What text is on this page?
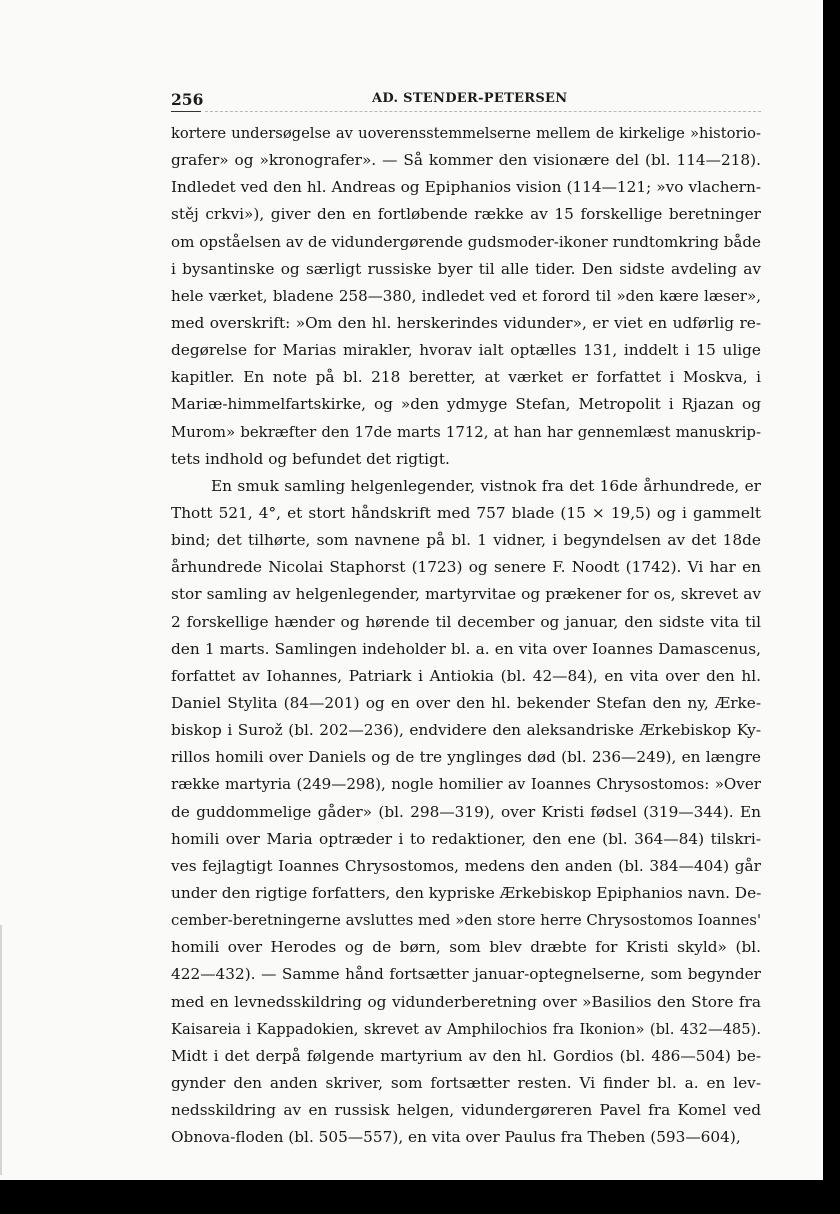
256	AD. STENDER-PETERSEN
kortere undersøgelse av uoverensstemmelserne mellem de kirkelige »historio-
grafer» og »kronografer». — Så kommer den visionære del (bl. 114—218).
Indledet ved den hl. Andreas og Epiphanios vision (114—121; »vo vlachern-
stěj crkvi»), giver den en fortløbende række av 15 forskellige beretninger
om opståelsen av de vidundergørende gudsmoder-ikoner rundtomkring både
i bysantinske og særligt russiske byer til alle tider. Den sidste avdeling av
hele værket, bladene 258—380, indledet ved et forord til »den kære læser»,
med overskrift: »Om den hl. herskerindes vidunder», er viet en udførlig re-
degørelse for Marias mirakler, hvorav ialt optælles 131, inddelt i 15 ulige
kapitler. En note på bl. 218 beretter, at værket er forfattet i Moskva, i
Mariæ-himmelfartskirke, og »den ydmyge Stefan, Metropolit i Rjazan og
Murom» bekræfter den 17de marts 1712, at han har gennemlæst manuskrip-
tets indhold og befundet det rigtigt.
En smuk samling helgenlegender, vistnok fra det 16de århundrede, er
Thott 521, 4°, et stort håndskrift med 757 blade (15 × 19,5) og i gammelt
bind; det tilhørte, som navnene på bl. 1 vidner, i begyndelsen av det 18de
århundrede Nicolai Staphorst (1723) og senere F. Noodt (1742). Vi har en
stor samling av helgenlegender, martyrvitae og prækener for os, skrevet av
2 forskellige hænder og hørende til december og januar, den sidste vita til
den 1 marts. Samlingen indeholder bl. a. en vita over Ioannes Damascenus,
forfattet av Iohannes, Patriark i Antiokia (bl. 42—84), en vita over den hl.
Daniel Stylita (84—201) og en over den hl. bekender Stefan den ny, Ærke-
biskop i Surož (bl. 202—236), endvidere den aleksandriske Ærkebiskop Ky-
rillos homili over Daniels og de tre ynglinges død (bl. 236—249), en længre
række martyria (249—298), nogle homilier av Ioannes Chrysostomos: »Over
de guddommelige gåder» (bl. 298—319), over Kristi fødsel (319—344). En
homili over Maria optræder i to redaktioner, den ene (bl. 364—84) tilskri-
ves fejlagtigt Ioannes Chrysostomos, medens den anden (bl. 384—404) går
under den rigtige forfatters, den kypriske Ærkebiskop Epiphanios navn. De-
cember-beretningerne avsluttes med »den store herre Chrysostomos Ioannes'
homili over Herodes og de børn, som blev dræbte for Kristi skyld» (bl.
422—432). — Samme hånd fortsætter januar-optegnelserne, som begynder
med en levnedsskildring og vidunderberetning over »Basilios den Store fra
Kaisareia i Kappadokien, skrevet av Amphilochios fra Ikonion» (bl. 432—485).
Midt i det derpå følgende martyrium av den hl. Gordios (bl. 486—504) be-
gynder den anden skriver, som fortsætter resten. Vi finder bl. a. en lev-
nedsskildring av en russisk helgen, vidundergøreren Pavel fra Komel ved
Obnova-floden (bl. 505—557), en vita over Paulus fra Theben (593—604),
